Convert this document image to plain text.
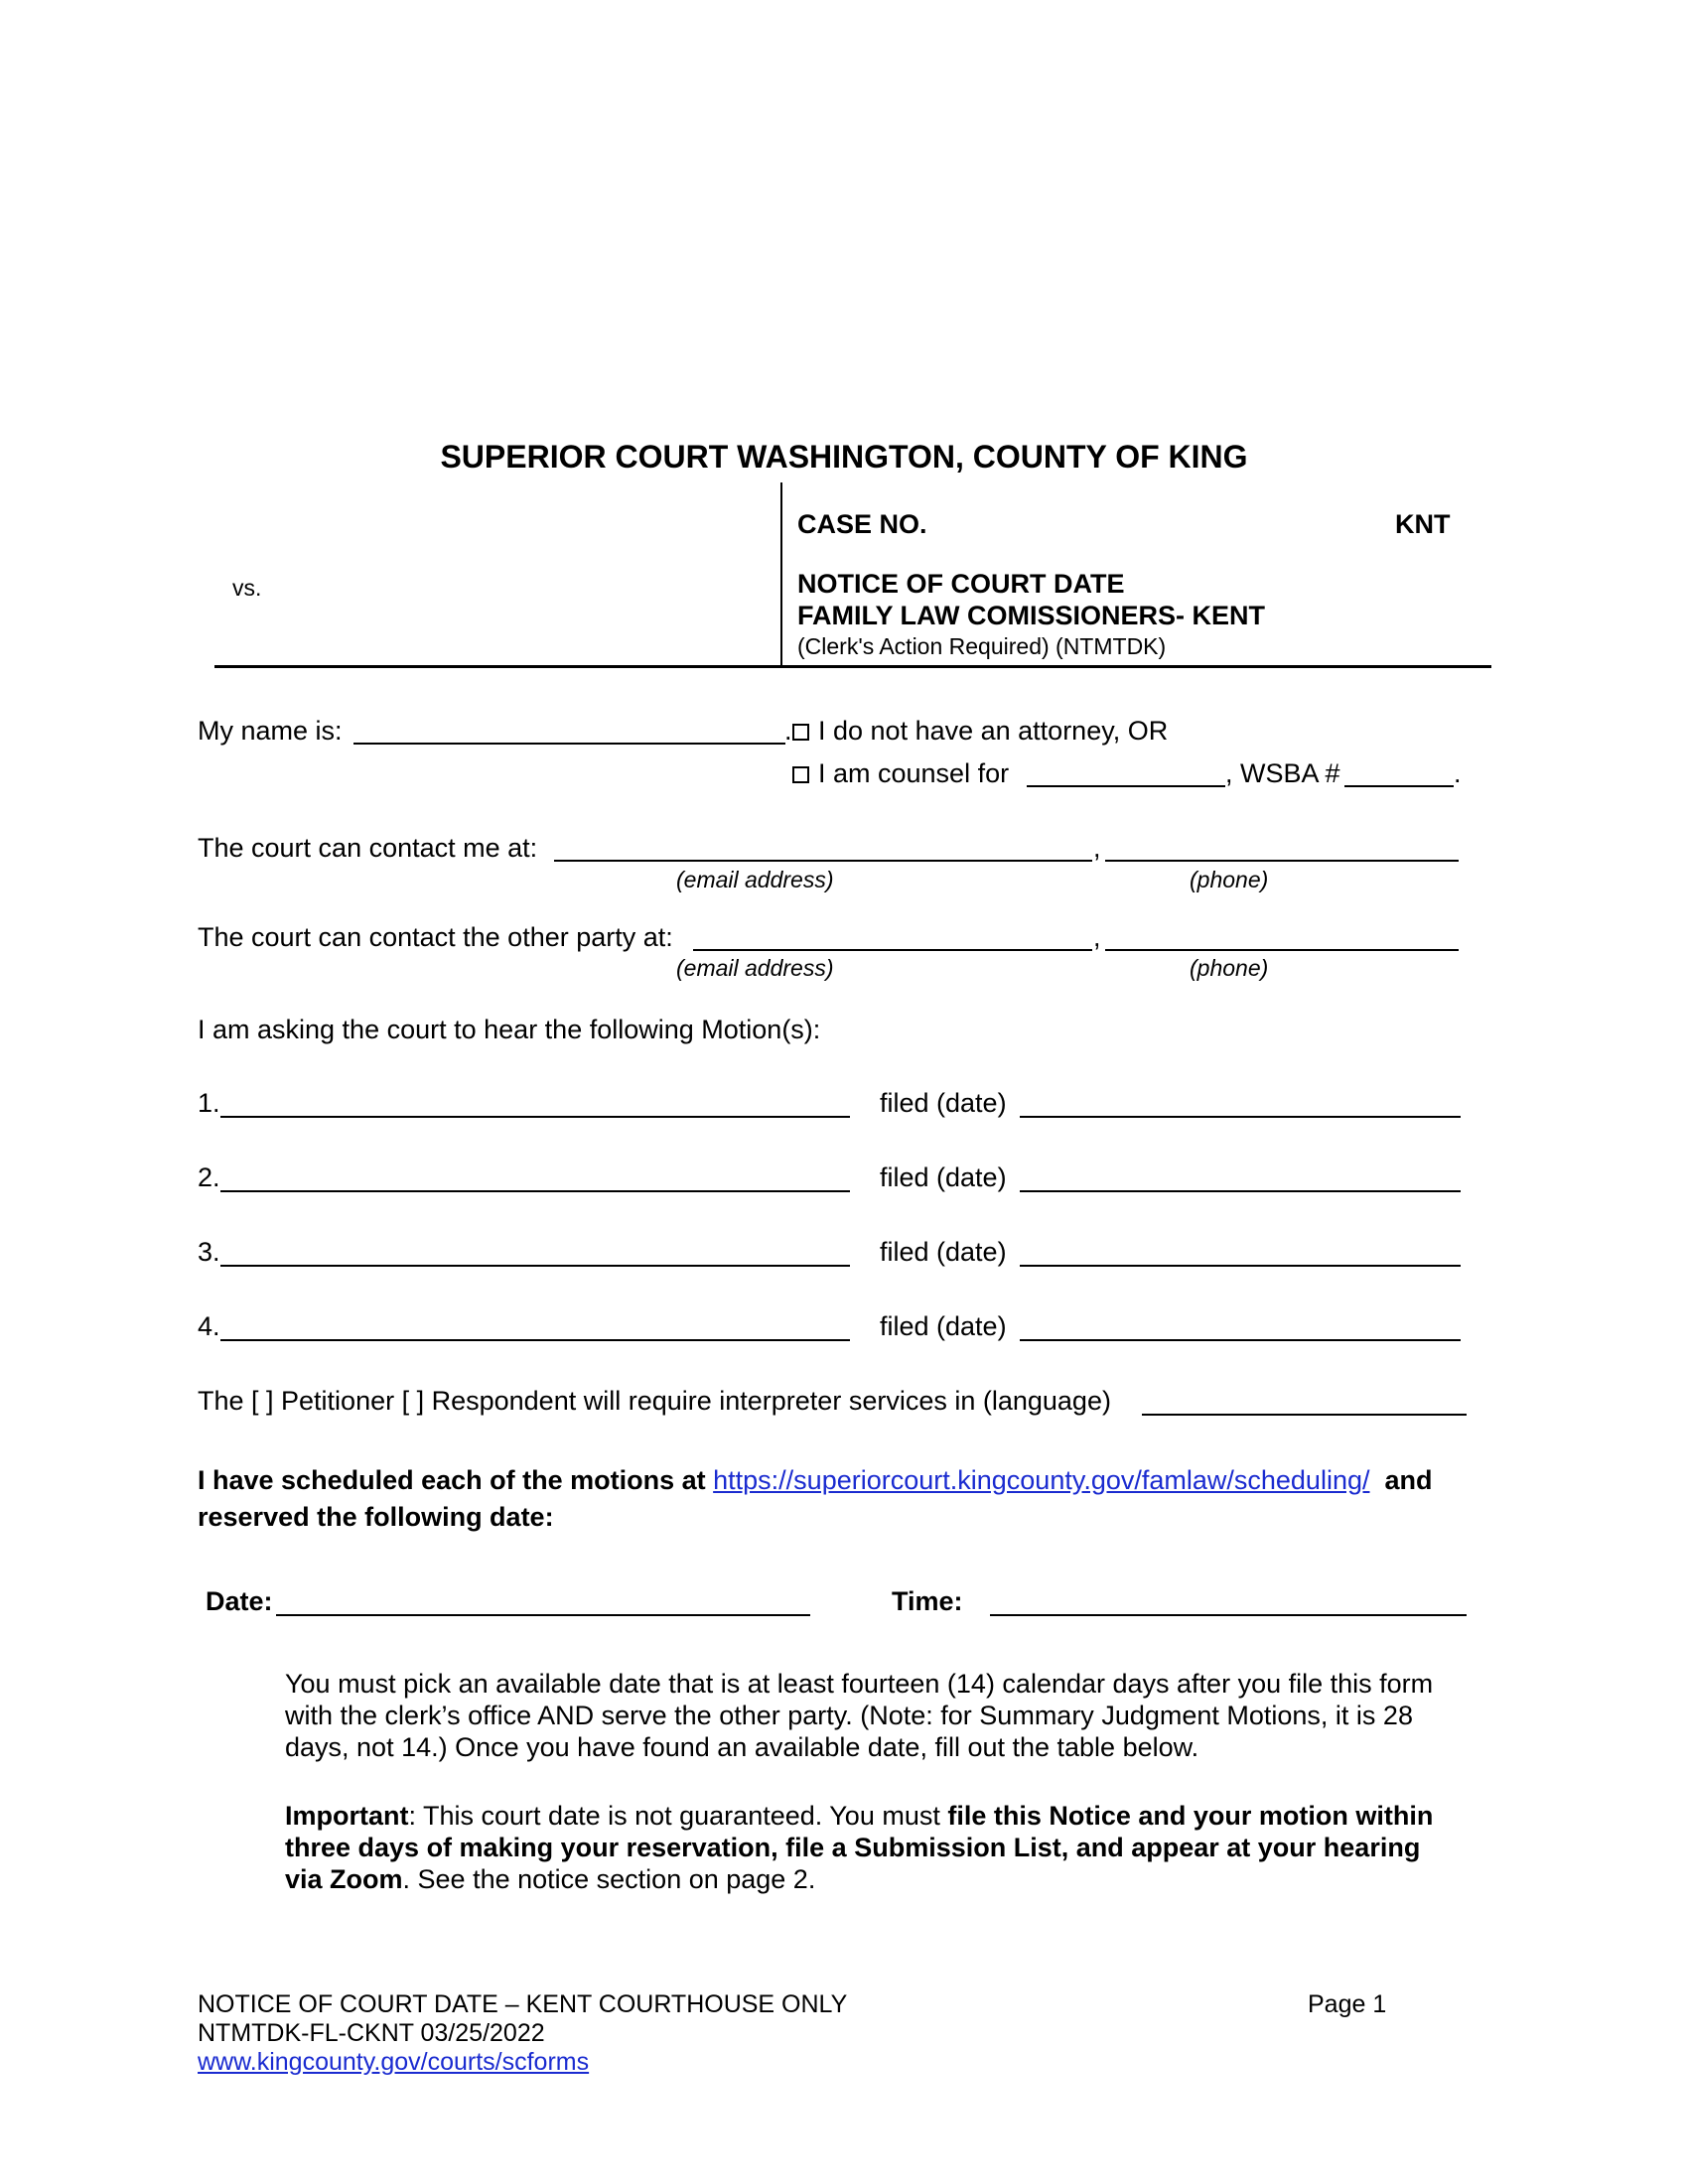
SUPERIOR COURT WASHINGTON, COUNTY OF KING
vs.
CASE NO.	KNT
NOTICE OF COURT DATE
FAMILY LAW COMISSIONERS- KENT
(Clerk's Action Required) (NTMTDK)
My name is:	. I do not have an attorney, OR
I am counsel for	, WSBA #	.
The court can contact me at:	,
(email address)	(phone)
The court can contact the other party at:	,
(email address)	(phone)
I am asking the court to hear the following Motion(s):
1.	filed (date)
2.	filed (date)
3.	filed (date)
4.	filed (date)
The [ ] Petitioner [ ] Respondent will require interpreter services in (language)
I have scheduled each of the motions at https://superiorcourt.kingcounty.gov/famlaw/scheduling/ and
reserved the following date:
Date:	Time:
You must pick an available date that is at least fourteen (14) calendar days after you file this form
with the clerk’s office AND serve the other party. (Note: for Summary Judgment Motions, it is 28
days, not 14.) Once you have found an available date, fill out the table below.
Important: This court date is not guaranteed. You must file this Notice and your motion within
three days of making your reservation, file a Submission List, and appear at your hearing
via Zoom. See the notice section on page 2.
NOTICE OF COURT DATE – KENT COURTHOUSE ONLY
NTMTDK-FL-CKNT 03/25/2022
www.kingcounty.gov/courts/scforms
Page 1
